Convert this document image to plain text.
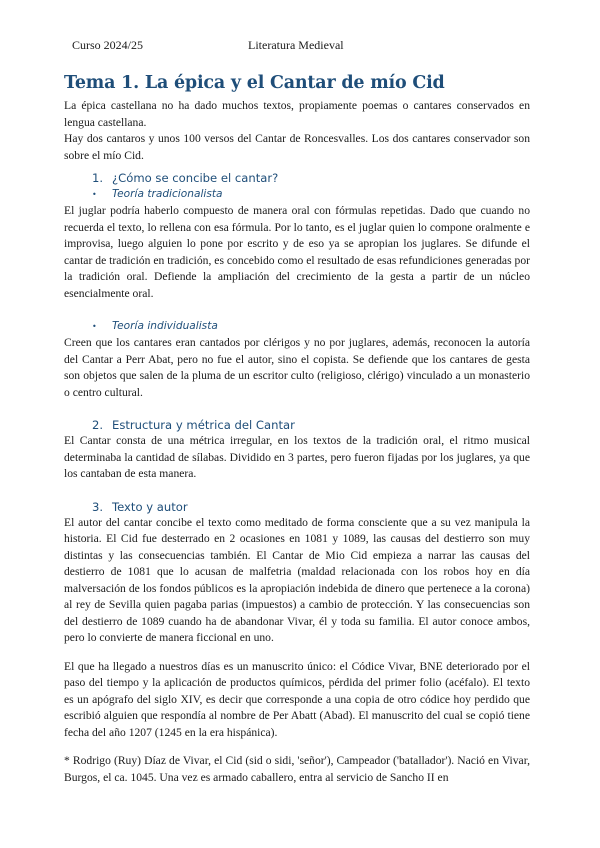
Curso 2024/25	Literatura Medieval
Tema 1. La épica y el Cantar de mío Cid

La épica castellana no ha dado muchos textos, propiamente poemas o cantares conservados en lengua castellana.

Hay dos cantaros y unos 100 versos del Cantar de Roncesvalles. Los dos cantares conservador son sobre el mío Cid.

1. ¿Cómo se concibe el cantar?
•	Teoría tradicionalista

El juglar podría haberlo compuesto de manera oral con fórmulas repetidas. Dado que cuando no recuerda el texto, lo rellena con esa fórmula. Por lo tanto, es el juglar quien lo compone oralmente e improvisa, luego alguien lo pone por escrito y de eso ya se apropian los juglares. Se difunde el cantar de tradición en tradición, es concebido como el resultado de esas refundiciones generadas por la tradición oral. Defiende la ampliación del crecimiento de la gesta a partir de un núcleo esencialmente oral.

•	Teoría individualista

Creen que los cantares eran cantados por clérigos y no por juglares, además, reconocen la autoría del Cantar a Perr Abat, pero no fue el autor, sino el copista. Se defiende que los cantares de gesta son objetos que salen de la pluma de un escritor culto (religioso, clérigo) vinculado a un monasterio o centro cultural.

2. Estructura y métrica del Cantar

El Cantar consta de una métrica irregular, en los textos de la tradición oral, el ritmo musical determinaba la cantidad de sílabas. Dividido en 3 partes, pero fueron fijadas por los juglares, ya que los cantaban de esta manera.

3. Texto y autor

El autor del cantar concibe el texto como meditado de forma consciente que a su vez manipula la historia. El Cid fue desterrado en 2 ocasiones en 1081 y 1089, las causas del destierro son muy distintas y las consecuencias también. El Cantar de Mio Cid empieza a narrar las causas del destierro de 1081 que lo acusan de malfetria (maldad relacionada con los robos hoy en día malversación de los fondos públicos es la apropiación indebida de dinero que pertenece a la corona) al rey de Sevilla quien pagaba parias (impuestos) a cambio de protección. Y las consecuencias son del destierro de 1089 cuando ha de abandonar Vivar, él y toda su familia. El autor conoce ambos, pero lo convierte de manera ficcional en uno.

El que ha llegado a nuestros días es un manuscrito único: el Códice Vivar, BNE deteriorado por el paso del tiempo y la aplicación de productos químicos, pérdida del primer folio (acéfalo). El texto es un apógrafo del siglo XIV, es decir que corresponde a una copia de otro códice hoy perdido que escribió alguien que respondía al nombre de Per Abatt (Abad). El manuscrito del cual se copió tiene fecha del año 1207 (1245 en la era hispánica).

* Rodrigo (Ruy) Díaz de Vivar, el Cid (sid o sidi, 'señor'), Campeador ('batallador'). Nació en Vivar, Burgos, el ca. 1045. Una vez es armado caballero, entra al servicio de Sancho II en
